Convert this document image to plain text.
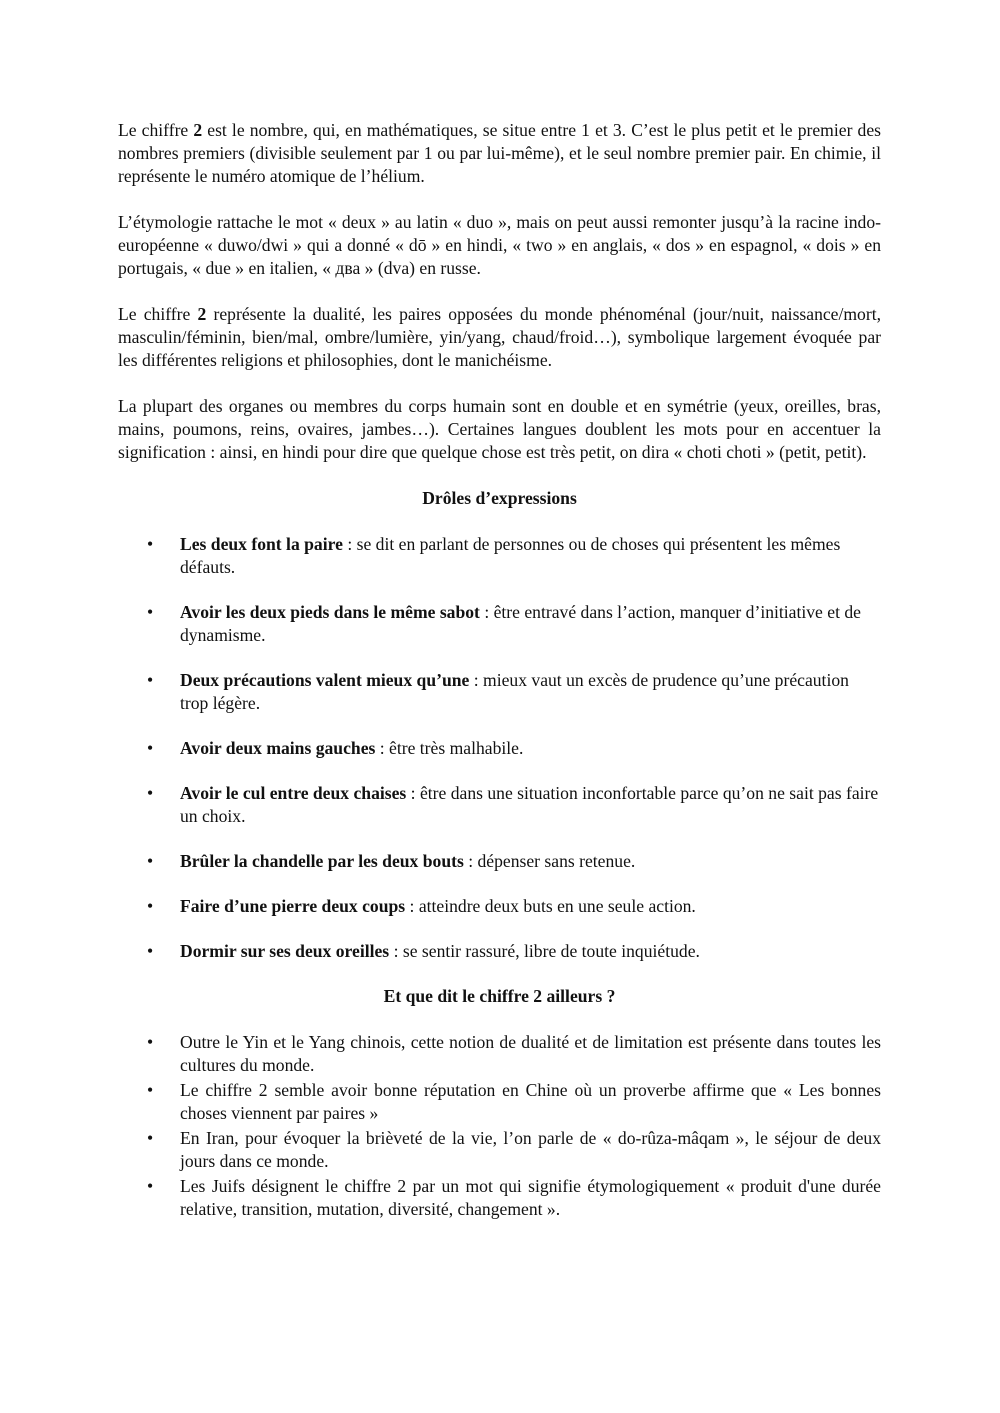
Le chiffre 2 est le nombre, qui, en mathématiques, se situe entre 1 et 3. C’est le plus petit et le premier des nombres premiers (divisible seulement par 1 ou par lui-même), et le seul nombre premier pair. En chimie, il représente le numéro atomique de l’hélium.

L’étymologie rattache le mot « deux » au latin « duo », mais on peut aussi remonter jusqu’à la racine indo-européenne « duwo/dwi » qui a donné « dō » en hindi, « two » en anglais, « dos » en espagnol, « dois » en portugais, « due » en italien, « два » (dva) en russe.

Le chiffre 2 représente la dualité, les paires opposées du monde phénoménal (jour/nuit, naissance/mort, masculin/féminin, bien/mal, ombre/lumière, yin/yang, chaud/froid…), symbolique largement évoquée par les différentes religions et philosophies, dont le manichéisme.

La plupart des organes ou membres du corps humain sont en double et en symétrie (yeux, oreilles, bras, mains, poumons, reins, ovaires, jambes…). Certaines langues doublent les mots pour en accentuer la signification : ainsi, en hindi pour dire que quelque chose est très petit, on dira « choti choti » (petit, petit).

Drôles d’expressions

• Les deux font la paire : se dit en parlant de personnes ou de choses qui présentent les mêmes défauts.
• Avoir les deux pieds dans le même sabot : être entravé dans l’action, manquer d’initiative et de dynamisme.
• Deux précautions valent mieux qu’une : mieux vaut un excès de prudence qu’une précaution trop légère.
• Avoir deux mains gauches : être très malhabile.
• Avoir le cul entre deux chaises : être dans une situation inconfortable parce qu’on ne sait pas faire un choix.
• Brûler la chandelle par les deux bouts : dépenser sans retenue.
• Faire d’une pierre deux coups : atteindre deux buts en une seule action.
• Dormir sur ses deux oreilles : se sentir rassuré, libre de toute inquiétude.

Et que dit le chiffre 2 ailleurs ?

• Outre le Yin et le Yang chinois, cette notion de dualité et de limitation est présente dans toutes les cultures du monde.
• Le chiffre 2 semble avoir bonne réputation en Chine où un proverbe affirme que « Les bonnes choses viennent par paires »
• En Iran, pour évoquer la brièveté de la vie, l’on parle de « do-rûza-mâqam », le séjour de deux jours dans ce monde.
• Les Juifs désignent le chiffre 2 par un mot qui signifie étymologiquement « produit d'une durée relative, transition, mutation, diversité, changement ».
